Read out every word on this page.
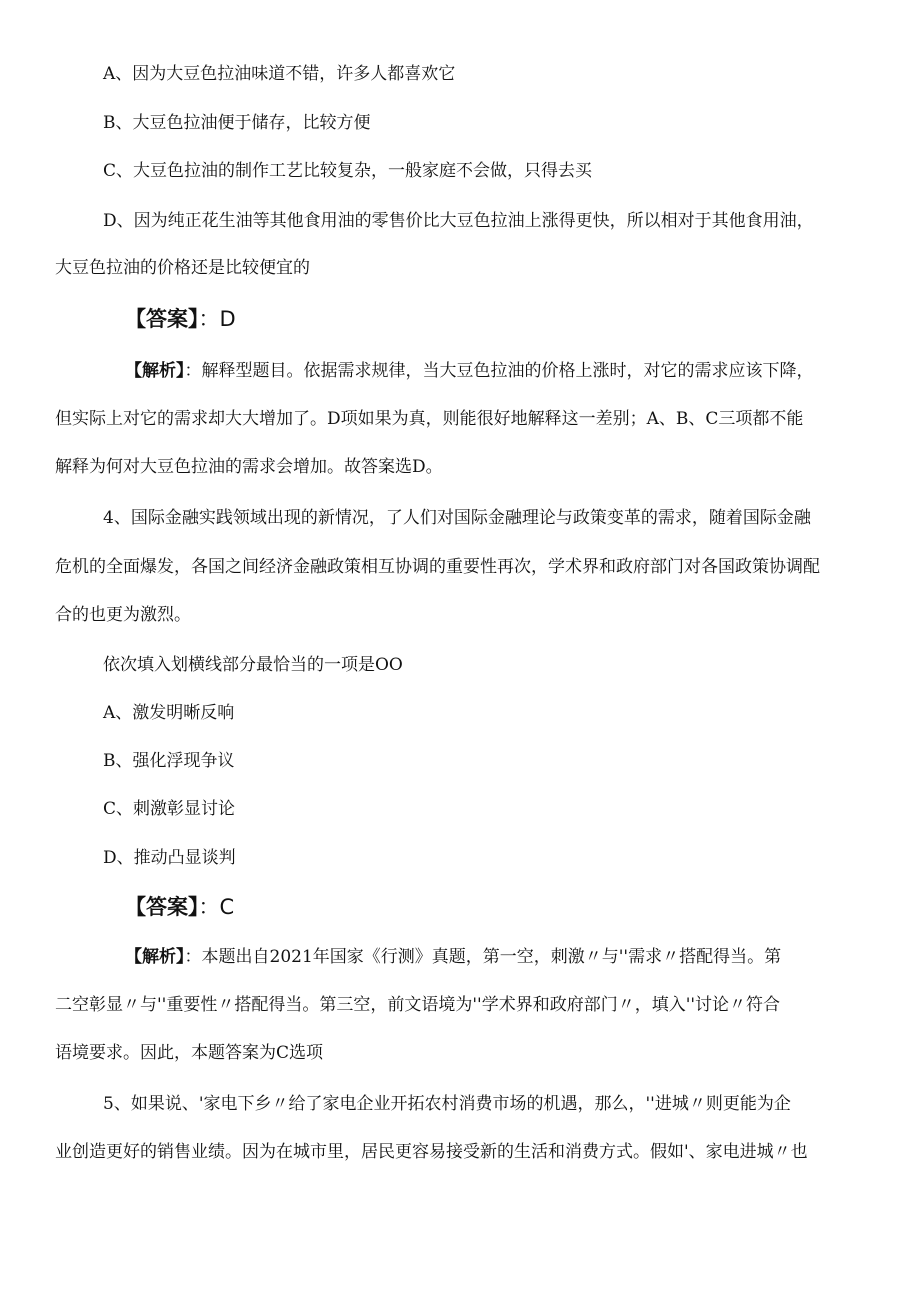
A、因为大豆色拉油味道不错，许多人都喜欢它
B、大豆色拉油便于储存，比较方便
C、大豆色拉油的制作工艺比较复杂，一般家庭不会做，只得去买
D、因为纯正花生油等其他食用油的零售价比大豆色拉油上涨得更快，所以相对于其他食用油，
大豆色拉油的价格还是比较便宜的
【答案】：D
【解析】：解释型题目。依据需求规律，当大豆色拉油的价格上涨时，对它的需求应该下降，
但实际上对它的需求却大大增加了。D项如果为真，则能很好地解释这一差别；A、B、C三项都不能
解释为何对大豆色拉油的需求会增加。故答案选D。
4、国际金融实践领域出现的新情况，了人们对国际金融理论与政策变革的需求，随着国际金融
危机的全面爆发，各国之间经济金融政策相互协调的重要性再次，学术界和政府部门对各国政策协调配
合的也更为激烈。
依次填入划横线部分最恰当的一项是OO
A、激发明晰反响
B、强化浮现争议
C、刺激彰显讨论
D、推动凸显谈判
【答案】：C
【解析】：本题出自2021年国家《行测》真题，第一空，刺激〃与''需求〃搭配得当。第
二空彰显〃与''重要性〃搭配得当。第三空，前文语境为''学术界和政府部门〃，填入''讨论〃符合
语境要求。因此，本题答案为C选项
5、如果说、'家电下乡〃给了家电企业开拓农村消费市场的机遇，那么，''进城〃则更能为企
业创造更好的销售业绩。因为在城市里，居民更容易接受新的生活和消费方式。假如'、家电进城〃也
